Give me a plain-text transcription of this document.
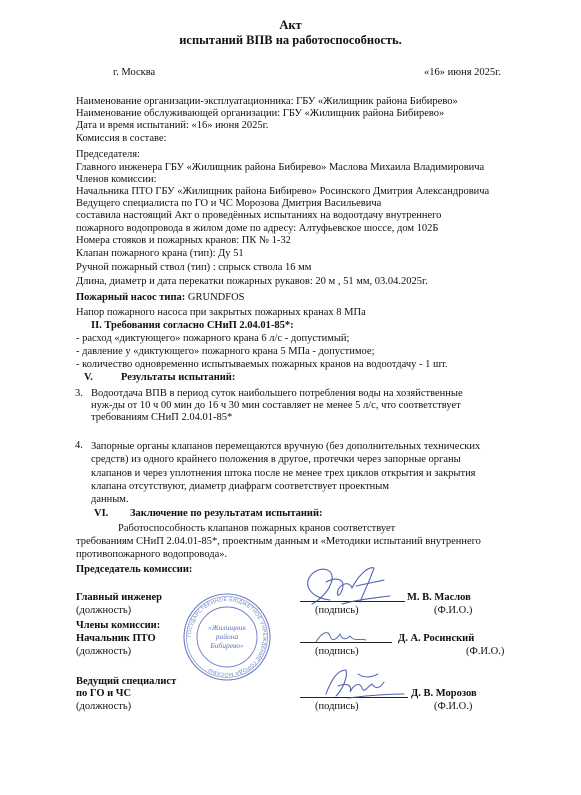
Акт
испытаний ВПВ на работоспособность.
г. Москва	«16» июня 2025г.
Наименование организации-эксплуатационника: ГБУ «Жилищник района Бибирево»
Наименование обслуживающей организации: ГБУ «Жилищник района Бибирево»
Дата и время испытаний: «16» июня 2025г.
Комиссия в составе:
Председателя:
Главного инженера ГБУ «Жилищник района Бибирево» Маслова Михаила Владимировича
Членов комиссии:
Начальника ПТО ГБУ «Жилищник района Бибирево» Росинского Дмитрия Александровича
Ведущего специалиста по ГО и ЧС Морозова Дмитрия Васильевича
составила настоящий Акт о проведённых испытаниях на водоотдачу внутреннего
пожарного водопровода в жилом доме по адресу: Алтуфьевское шоссе, дом 102Б
Номера стояков и пожарных кранов: ПК № 1-32
Клапан пожарного крана (тип): Ду 51
Ручной пожарный ствол (тип) : спрыск ствола 16 мм
Длина, диаметр и дата перекатки пожарных рукавов: 20 м , 51 мм, 03.04.2025г.
Пожарный насос типа: GRUNDFOS
Напор пожарного насоса при закрытых пожарных кранах 8 МПа
II. Требования согласно СНиП 2.04.01-85*:
- расход «диктующего» пожарного крана 6 л/с - допустимый;
- давление у «диктующего» пожарного крана 5 МПа - допустимое;
- количество одновременно испытываемых пожарных кранов на водоотдачу - 1 шт.
V.	Результаты испытаний:
3. Водоотдача ВПВ в период суток наибольшего потребления воды на хозяйственные
нуж-ды от 10 ч 00 мин до 16 ч 30 мин составляет не менее 5 л/с, что соответствует
требованиям СНиП 2.04.01-85*
4. Запорные органы клапанов перемещаются вручную (без дополнительных технических
средств) из одного крайнего положения в другое, протечки через запорные органы
клапанов и через уплотнения штока после не менее трех циклов открытия и закрытия
клапана отсутствуют, диаметр диафрагм соответствует проектным
данным.
VI. Заключение по результатам испытаний:
Работоспособность клапанов пожарных кранов соответствует
требованиям СНиП 2.04.01-85*, проектным данным и «Методики испытаний внутреннего
противопожарного водопровода».
Председатель комиссии:
Главный инженер	М. В. Маслов
(должность)	(подпись)	(Ф.И.О.)
Члены комиссии:
Начальник ПТО	Д. А. Росинский
(должность)	(подпись)	(Ф.И.О.)
Ведущий специалист
по ГО и ЧС	Д. В. Морозов
(должность)	(подпись)	(Ф.И.О.)
ГОСУДАРСТВЕННОЕ БЮДЖЕТНОЕ УЧРЕЖДЕНИЕ ГОРОДА МОСКВЫ
«Жилищник
района
Бибирево»
